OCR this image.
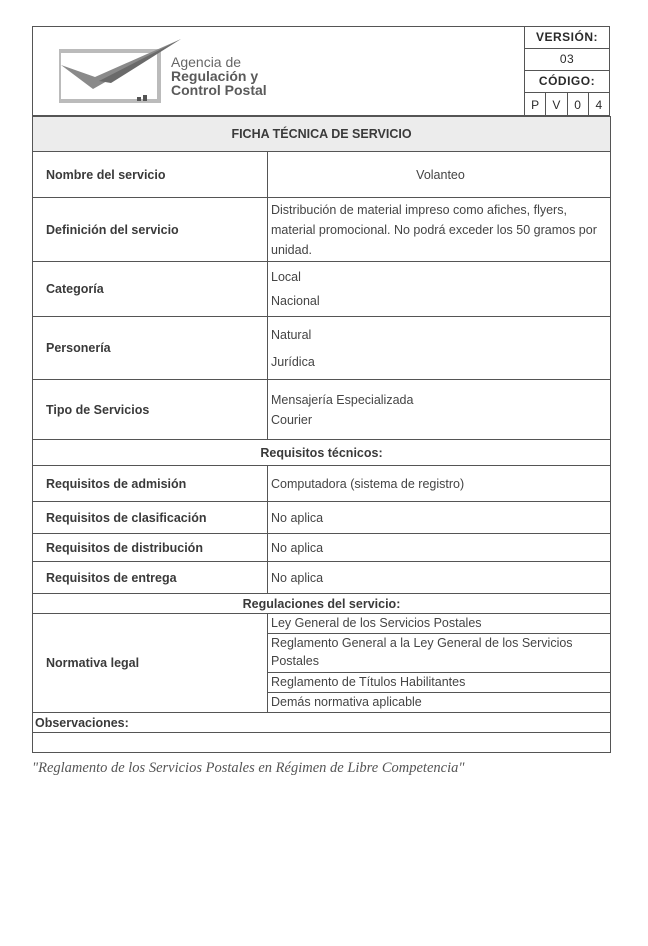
Agencia de
Regulación y
Control Postal
VERSIÓN:
03
CÓDIGO:
P	V	0	4
FICHA TÉCNICA DE SERVICIO	
Nombre del servicio	Volanteo
Definición del servicio	Distribución de material impreso como afiches, flyers, material promocional. No podrá exceder los 50 gramos por unidad.
Categoría	Local
Nacional

Personería	Natural
Jurídica

Tipo de Servicios	Mensajería Especializada
Courier

Requisitos técnicos:	
Requisitos de admisión	Computadora (sistema de registro)
Requisitos de clasificación	No aplica
Requisitos de distribución	No aplica
Requisitos de entrega	No aplica
Regulaciones del servicio:	
Normativa legal	Ley General de los Servicios Postales
Reglamento General a la Ley General de los Servicios Postales
Reglamento de Títulos Habilitantes
Demás normativa aplicable

Observaciones:	

"Reglamento de los Servicios Postales en Régimen de Libre Competencia"
